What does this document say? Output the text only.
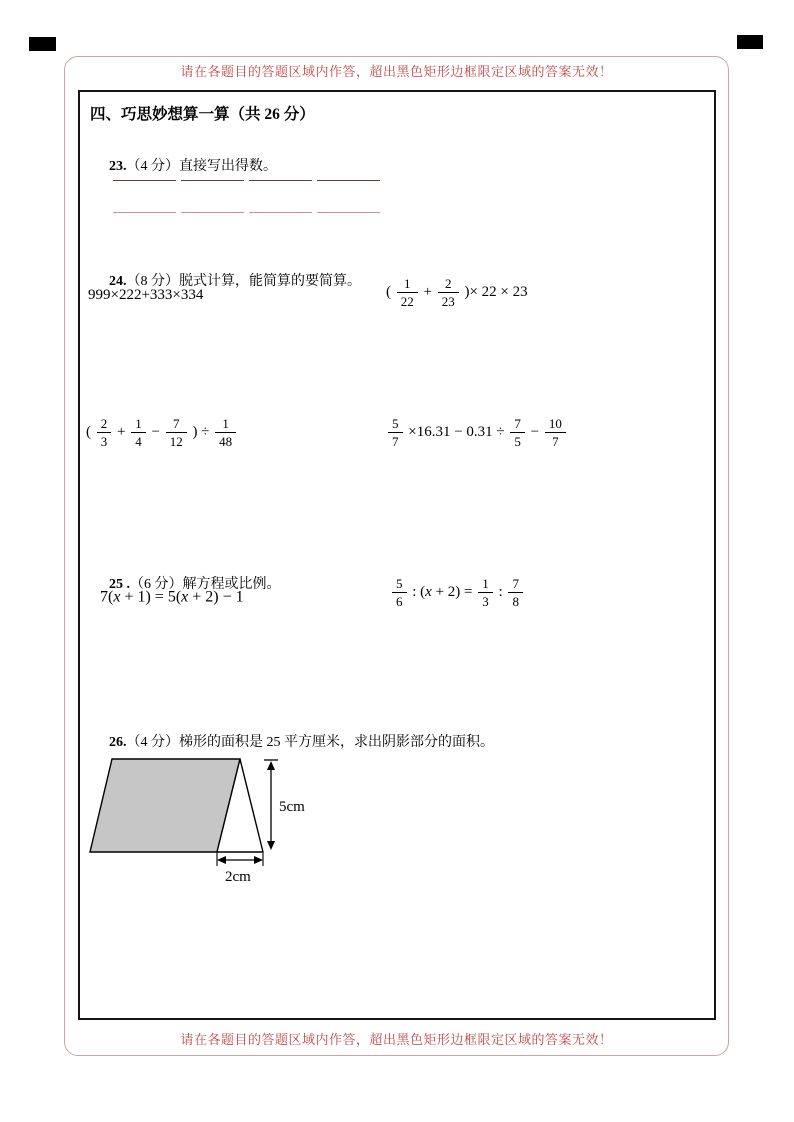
请在各题目的答题区域内作答，超出黑色矩形边框限定区域的答案无效！
四、巧思妙想算一算（共 26 分）

23.（4 分）直接写出得数。

24.（8 分）脱式计算，能简算的要简算。

999×222+333×334	( $\frac{1}{22} + \frac{2}{23}$ )× 22 × 23
( $\frac{2}{3} + \frac{1}{4} - \frac{7}{12}$ ) ÷ $\frac{1}{48}$	$\frac{5}{7} \times 16.31 - 0.31 \div \frac{7}{5} - \frac{10}{7}$

25 .（6 分）解方程或比例。

7(x + 1) = 5(x + 2) − 1	$\frac{5}{6}$ : $(x + 2) = \frac{1}{3}$ : $\frac{7}{8}$

26.（4 分）梯形的面积是 25 平方厘米，求出阴影部分的面积。

5cm
2cm
请在各题目的答题区域内作答，超出黑色矩形边框限定区域的答案无效！
